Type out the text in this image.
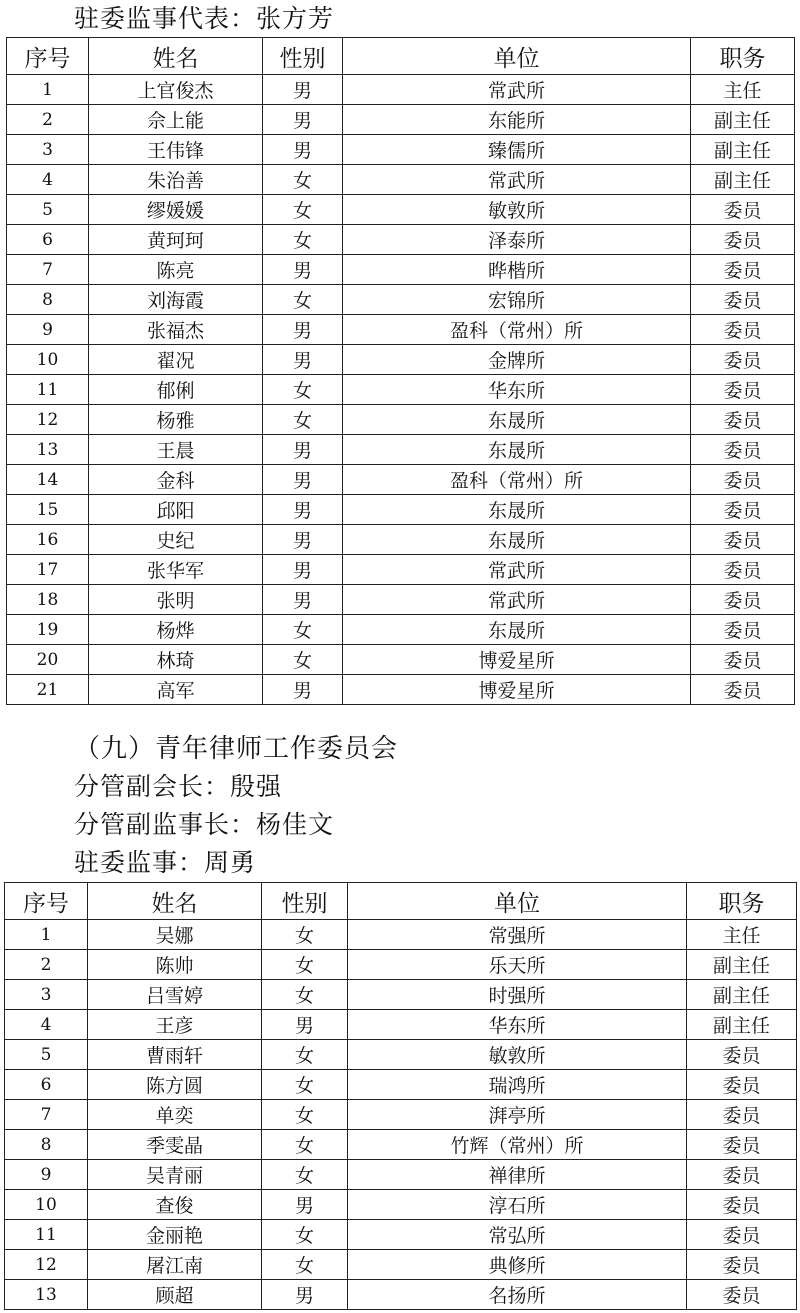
驻委监事代表：张方芳
序号	姓名	性别	单位	职务
1	上官俊杰	男	常武所	主任
2	佘上能	男	东能所	副主任
3	王伟锋	男	臻儒所	副主任
4	朱治善	女	常武所	副主任
5	缪媛媛	女	敏敦所	委员
6	黄珂珂	女	泽泰所	委员
7	陈亮	男	晔楷所	委员
8	刘海霞	女	宏锦所	委员
9	张福杰	男	盈科（常州）所	委员
10	翟况	男	金牌所	委员
11	郁俐	女	华东所	委员
12	杨雅	女	东晟所	委员
13	王晨	男	东晟所	委员
14	金科	男	盈科（常州）所	委员
15	邱阳	男	东晟所	委员
16	史纪	男	东晟所	委员
17	张华军	男	常武所	委员
18	张明	男	常武所	委员
19	杨烨	女	东晟所	委员
20	林琦	女	博爱星所	委员
21	高军	男	博爱星所	委员
（九）青年律师工作委员会
分管副会长：殷强
分管副监事长：杨佳文
驻委监事：周勇
序号	姓名	性别	单位	职务
1	吴娜	女	常强所	主任
2	陈帅	女	乐天所	副主任
3	吕雪婷	女	时强所	副主任
4	王彦	男	华东所	副主任
5	曹雨轩	女	敏敦所	委员
6	陈方圆	女	瑞鸿所	委员
7	单奕	女	湃亭所	委员
8	季雯晶	女	竹辉（常州）所	委员
9	吴青丽	女	禅律所	委员
10	查俊	男	淳石所	委员
11	金丽艳	女	常弘所	委员
12	屠江南	女	典修所	委员
13	顾超	男	名扬所	委员
